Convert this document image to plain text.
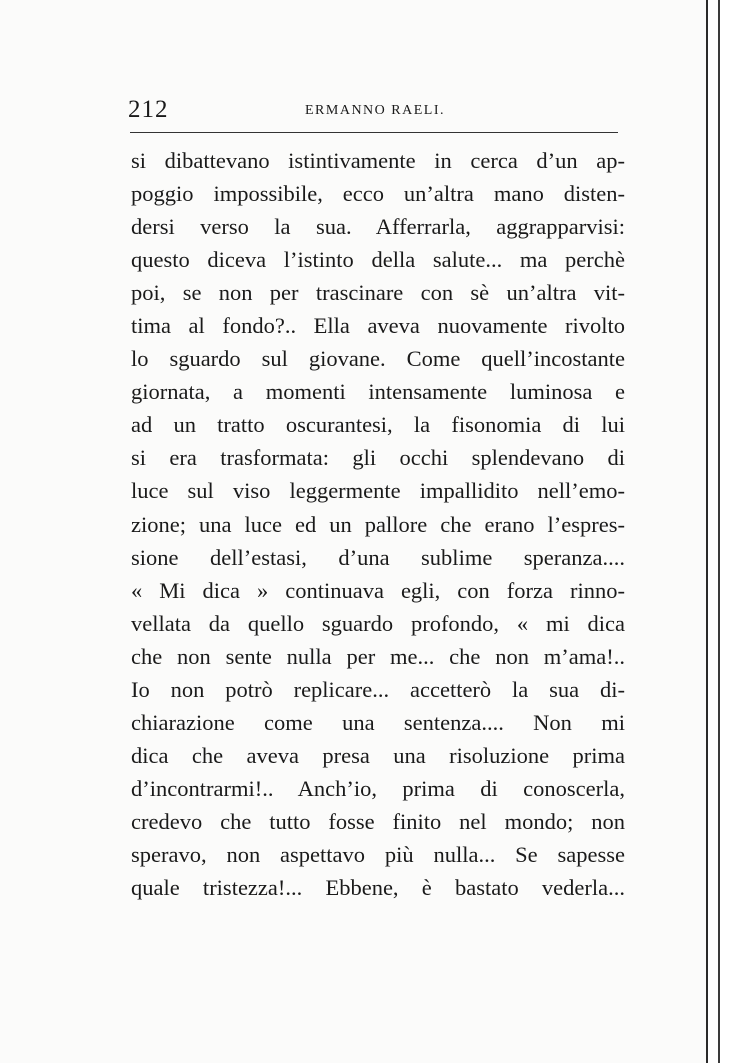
212	ERMANNO RAELI.
si dibattevano istintivamente in cerca d’un ap-
poggio impossibile, ecco un’altra mano disten-
dersi verso la sua. Afferrarla, aggrapparvisi:
questo diceva l’istinto della salute... ma perchè
poi, se non per trascinare con sè un’altra vit-
tima al fondo?.. Ella aveva nuovamente rivolto
lo sguardo sul giovane. Come quell’incostante
giornata, a momenti intensamente luminosa e
ad un tratto oscurantesi, la fisonomia di lui
si era trasformata: gli occhi splendevano di
luce sul viso leggermente impallidito nell’emo-
zione; una luce ed un pallore che erano l’espres-
sione dell’estasi, d’una sublime speranza....
« Mi dica » continuava egli, con forza rinno-
vellata da quello sguardo profondo, « mi dica
che non sente nulla per me... che non m’ama!..
Io non potrò replicare... accetterò la sua di-
chiarazione come una sentenza.... Non mi
dica che aveva presa una risoluzione prima
d’incontrarmi!.. Anch’io, prima di conoscerla,
credevo che tutto fosse finito nel mondo; non
speravo, non aspettavo più nulla... Se sapesse
quale tristezza!... Ebbene, è bastato vederla...
